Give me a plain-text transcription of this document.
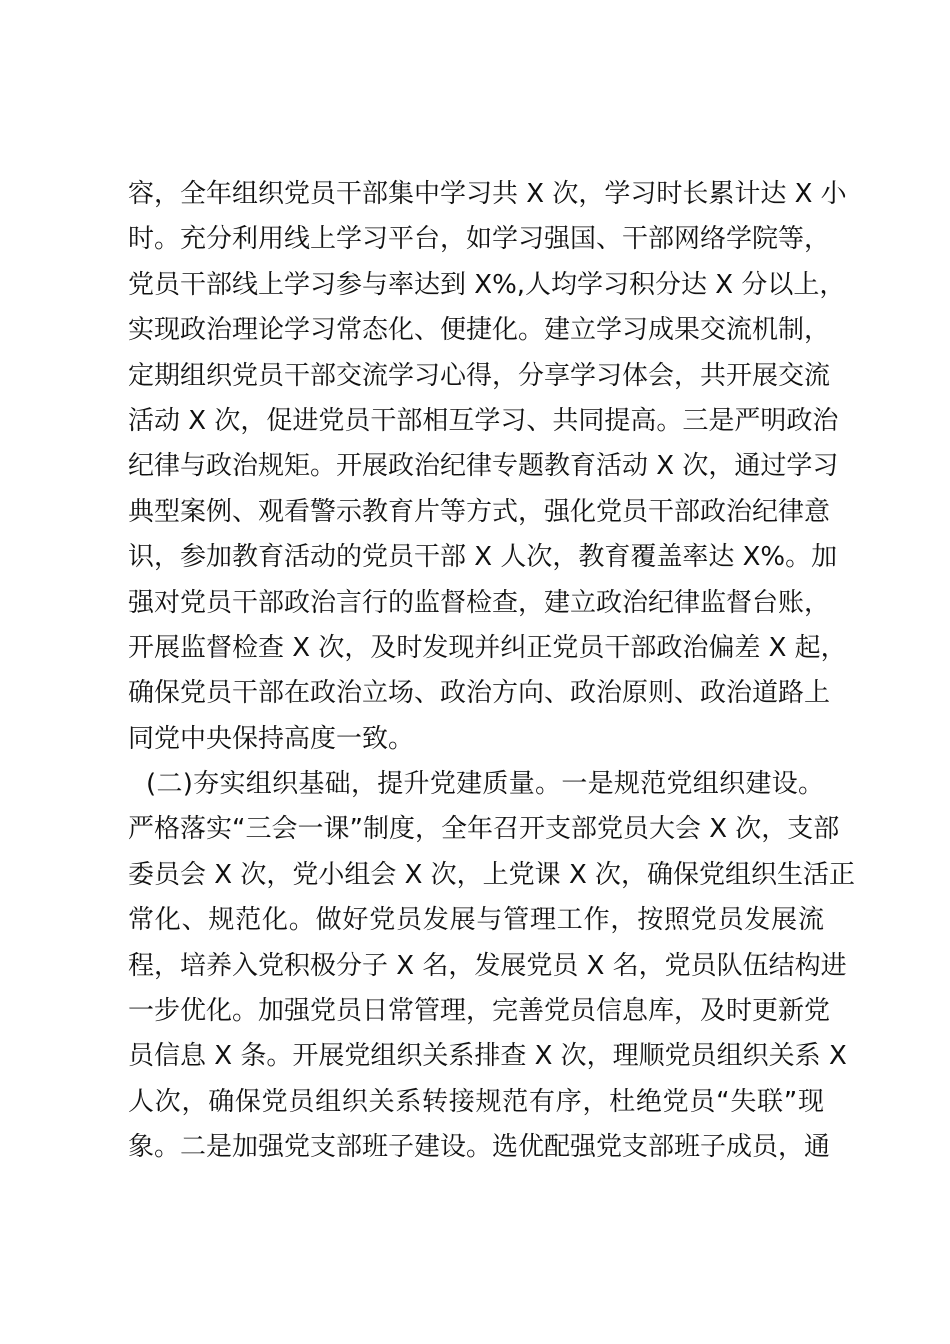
容，全年组织党员干部集中学习共 X 次，学习时长累计达 X 小
时。充分利用线上学习平台，如学习强国、干部网络学院等，
党员干部线上学习参与率达到 X%,人均学习积分达 X 分以上，
实现政治理论学习常态化、便捷化。建立学习成果交流机制，
定期组织党员干部交流学习心得，分享学习体会，共开展交流
活动 X 次，促进党员干部相互学习、共同提高。三是严明政治
纪律与政治规矩。开展政治纪律专题教育活动 X 次，通过学习
典型案例、观看警示教育片等方式，强化党员干部政治纪律意
识，参加教育活动的党员干部 X 人次，教育覆盖率达 X%。加
强对党员干部政治言行的监督检查，建立政治纪律监督台账，
开展监督检查 X 次，及时发现并纠正党员干部政治偏差 X 起，
确保党员干部在政治立场、政治方向、政治原则、政治道路上
同党中央保持高度一致。
(二)夯实组织基础，提升党建质量。一是规范党组织建设。
严格落实“三会一课”制度，全年召开支部党员大会 X 次，支部
委员会 X 次，党小组会 X 次，上党课 X 次，确保党组织生活正
常化、规范化。做好党员发展与管理工作，按照党员发展流
程，培养入党积极分子 X 名，发展党员 X 名，党员队伍结构进
一步优化。加强党员日常管理，完善党员信息库，及时更新党
员信息 X 条。开展党组织关系排查 X 次，理顺党员组织关系 X
人次，确保党员组织关系转接规范有序，杜绝党员“失联”现
象。二是加强党支部班子建设。选优配强党支部班子成员，通
